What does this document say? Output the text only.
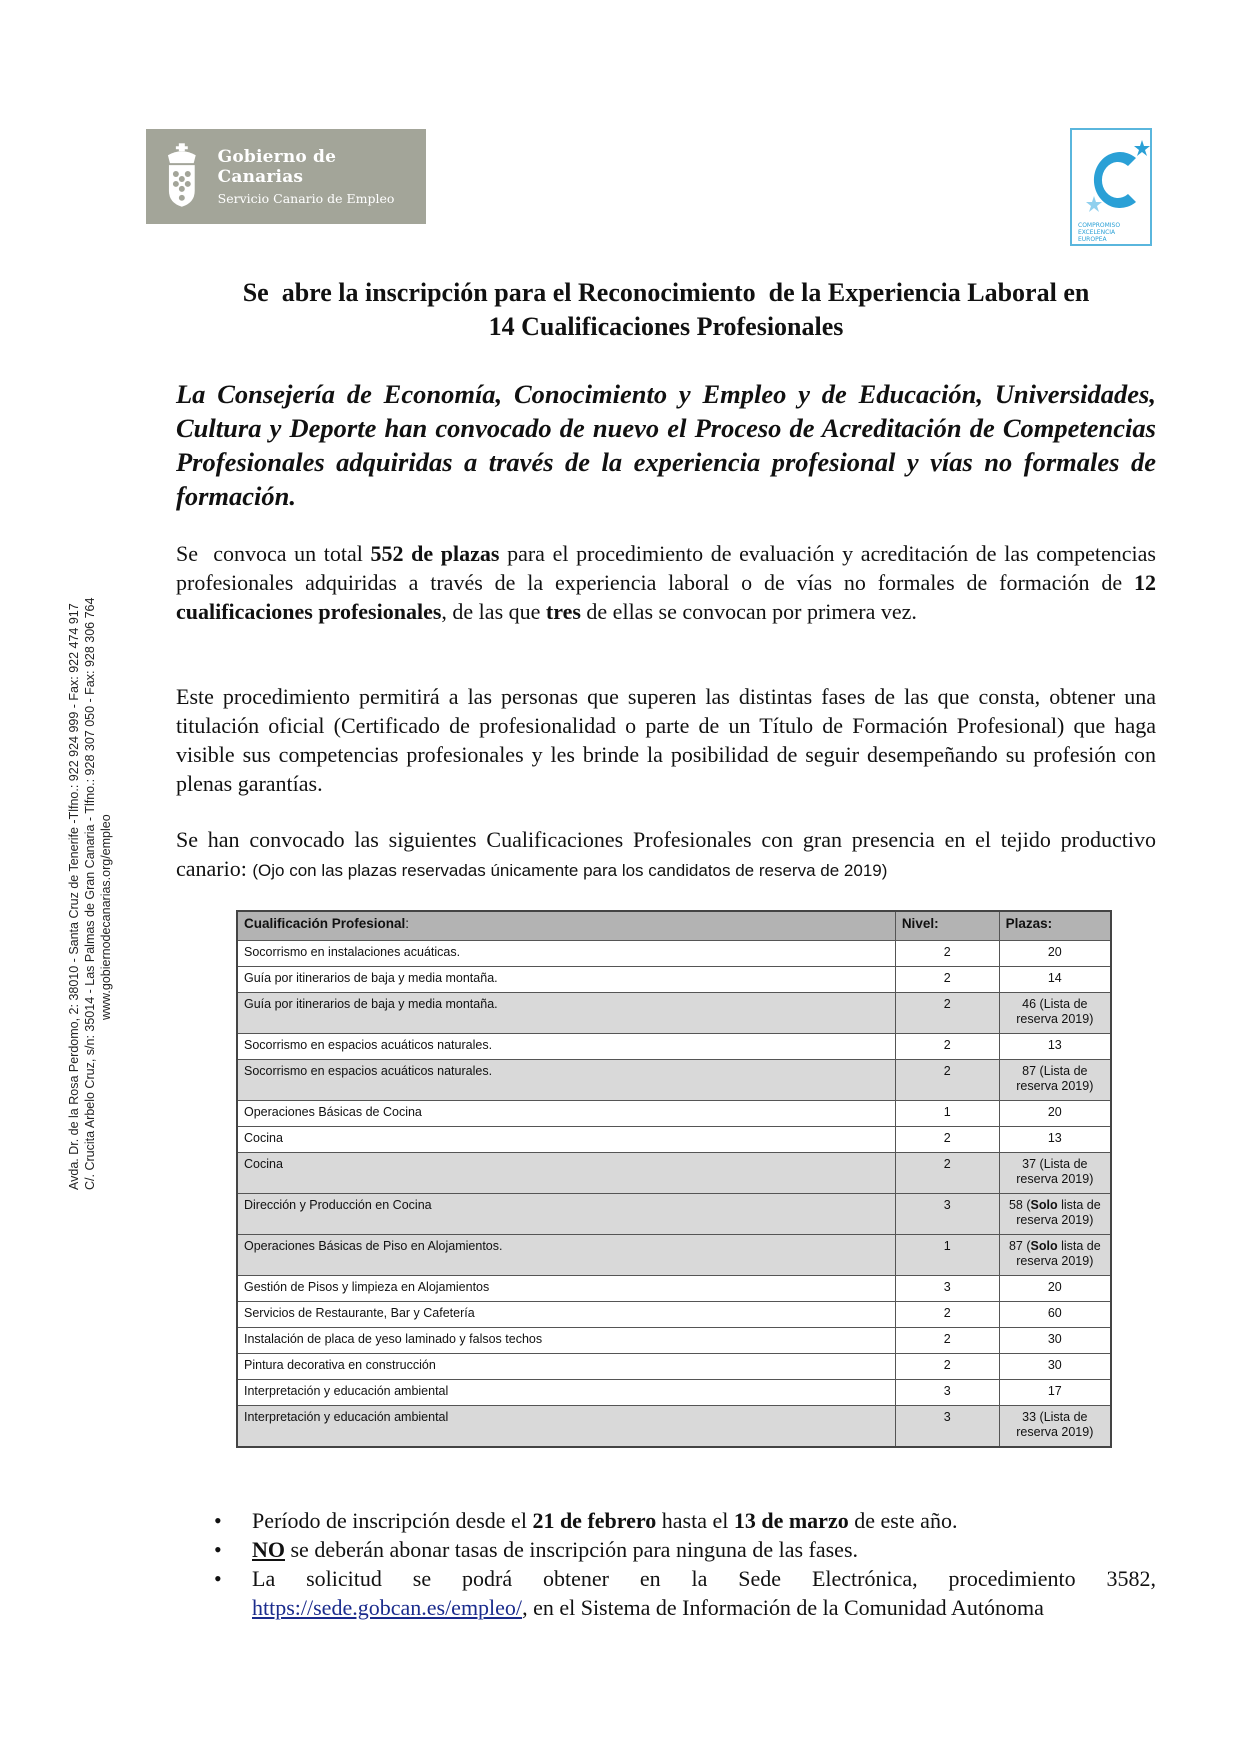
Gobierno de Canarias
Servicio Canario de Empleo
COMPROMISO
EXCELENCIA
EUROPEA
Avda. Dr. de la Rosa Perdomo, 2: 38010 - Santa Cruz de Tenerife -Tlfno.: 922 924 999 - Fax: 922 474 917 C/. Crucita Arbelo Cruz, s/n: 35014 - Las Palmas de Gran Canaria - Tlfno.: 928 307 050 - Fax: 928 306 764 www.gobiernodecanarias.org/empleo
Se  abre la inscripción para el Reconocimiento  de la Experiencia Laboral en
14 Cualificaciones Profesionales
La Consejería de Economía, Conocimiento y Empleo y de Educación, Universidades, Cultura y Deporte han convocado de nuevo el Proceso de Acreditación de Competencias Profesionales adquiridas a través de la experiencia profesional y vías no formales de formación.
Se  convoca un total 552 de plazas para el procedimiento de evaluación y acreditación de las competencias profesionales adquiridas a través de la experiencia laboral o de vías no formales de formación de 12 cualificaciones profesionales, de las que tres de ellas se convocan por primera vez.
Este procedimiento permitirá a las personas que superen las distintas fases de las que consta, obtener una titulación oficial (Certificado de profesionalidad o parte de un Título de Formación Profesional) que haga visible sus competencias profesionales y les brinde la posibilidad de seguir desempeñando su profesión con plenas garantías.
Se han convocado las siguientes Cualificaciones Profesionales con gran presencia en el tejido productivo canario: (Ojo con las plazas reservadas únicamente para los candidatos de reserva de 2019)
Cualificación Profesional:	Nivel:	Plazas:
Socorrismo en instalaciones acuáticas.	2	20
Guía por itinerarios de baja y media montaña.	2	14
Guía por itinerarios de baja y media montaña.	2	46 (Lista de reserva 2019)
Socorrismo en espacios acuáticos naturales.	2	13
Socorrismo en espacios acuáticos naturales.	2	87 (Lista de reserva 2019)
Operaciones Básicas de Cocina	1	20
Cocina	2	13
Cocina	2	37 (Lista de reserva 2019)
Dirección y Producción en Cocina	3	58 (Solo lista de reserva 2019)
Operaciones Básicas de Piso en Alojamientos.	1	87 (Solo lista de reserva 2019)
Gestión de Pisos y limpieza en Alojamientos	3	20
Servicios de Restaurante, Bar y Cafetería	2	60
Instalación de placa de yeso laminado y falsos techos	2	30
Pintura decorativa en construcción	2	30
Interpretación y educación ambiental	3	17
Interpretación y educación ambiental	3	33 (Lista de reserva 2019)
• Período de inscripción desde el 21 de febrero hasta el 13 de marzo de este año.
• NO se deberán abonar tasas de inscripción para ninguna de las fases.
• La solicitud se podrá obtener en la Sede Electrónica, procedimiento 3582, https://sede.gobcan.es/empleo/, en el Sistema de Información de la Comunidad Autónoma
